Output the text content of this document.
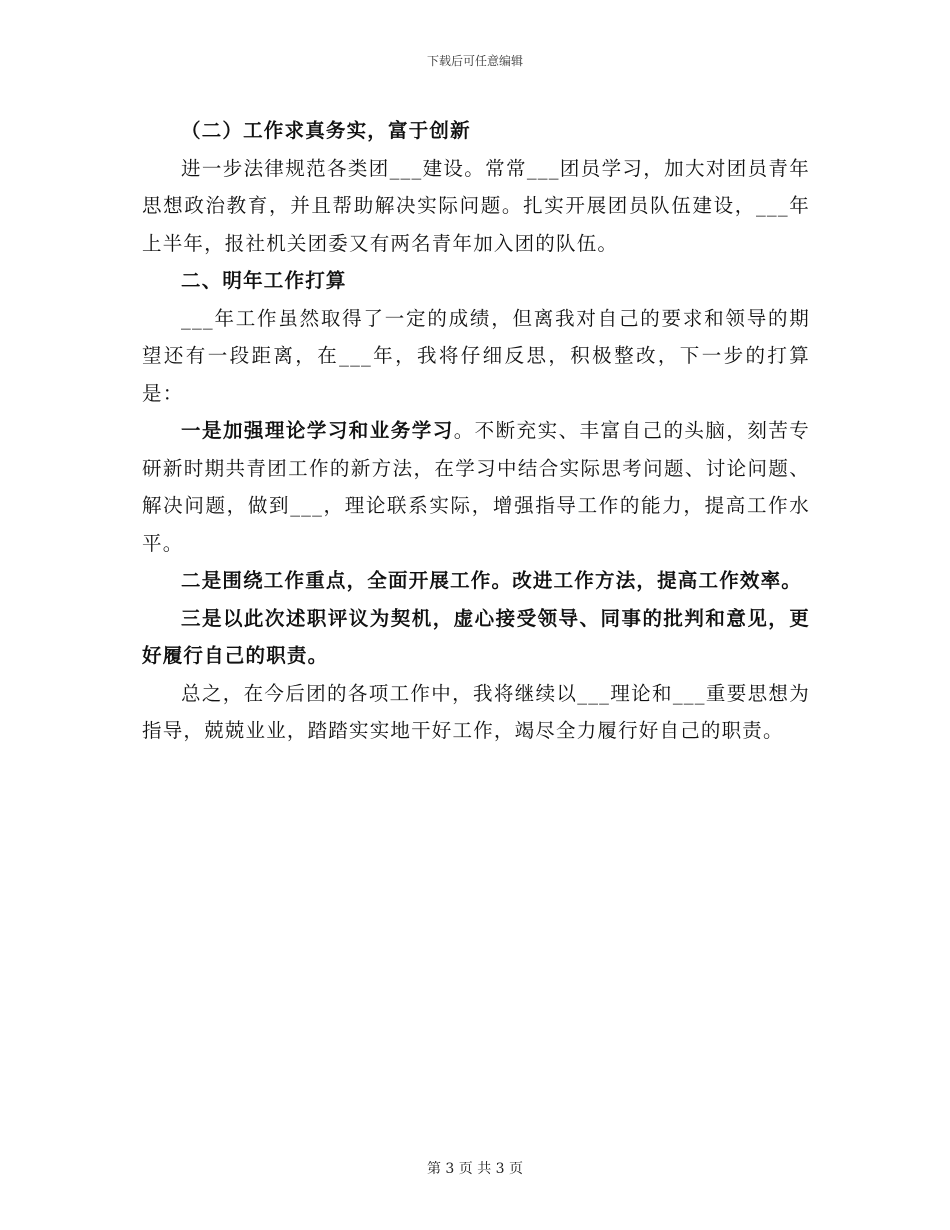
下载后可任意编辑

（二）工作求真务实，富于创新

进一步法律规范各类团___建设。常常___团员学习，加大对团员青年思想政治教育，并且帮助解决实际问题。扎实开展团员队伍建设，___年上半年，报社机关团委又有两名青年加入团的队伍。

二、明年工作打算

___年工作虽然取得了一定的成绩，但离我对自己的要求和领导的期望还有一段距离，在___年，我将仔细反思，积极整改，下一步的打算是：

一是加强理论学习和业务学习。不断充实、丰富自己的头脑，刻苦专研新时期共青团工作的新方法，在学习中结合实际思考问题、讨论问题、解决问题，做到___，理论联系实际，增强指导工作的能力，提高工作水平。

二是围绕工作重点，全面开展工作。改进工作方法，提高工作效率。

三是以此次述职评议为契机，虚心接受领导、同事的批判和意见，更好履行自己的职责。

总之，在今后团的各项工作中，我将继续以___理论和___重要思想为指导，兢兢业业，踏踏实实地干好工作，竭尽全力履行好自己的职责。

第 3 页 共 3 页
